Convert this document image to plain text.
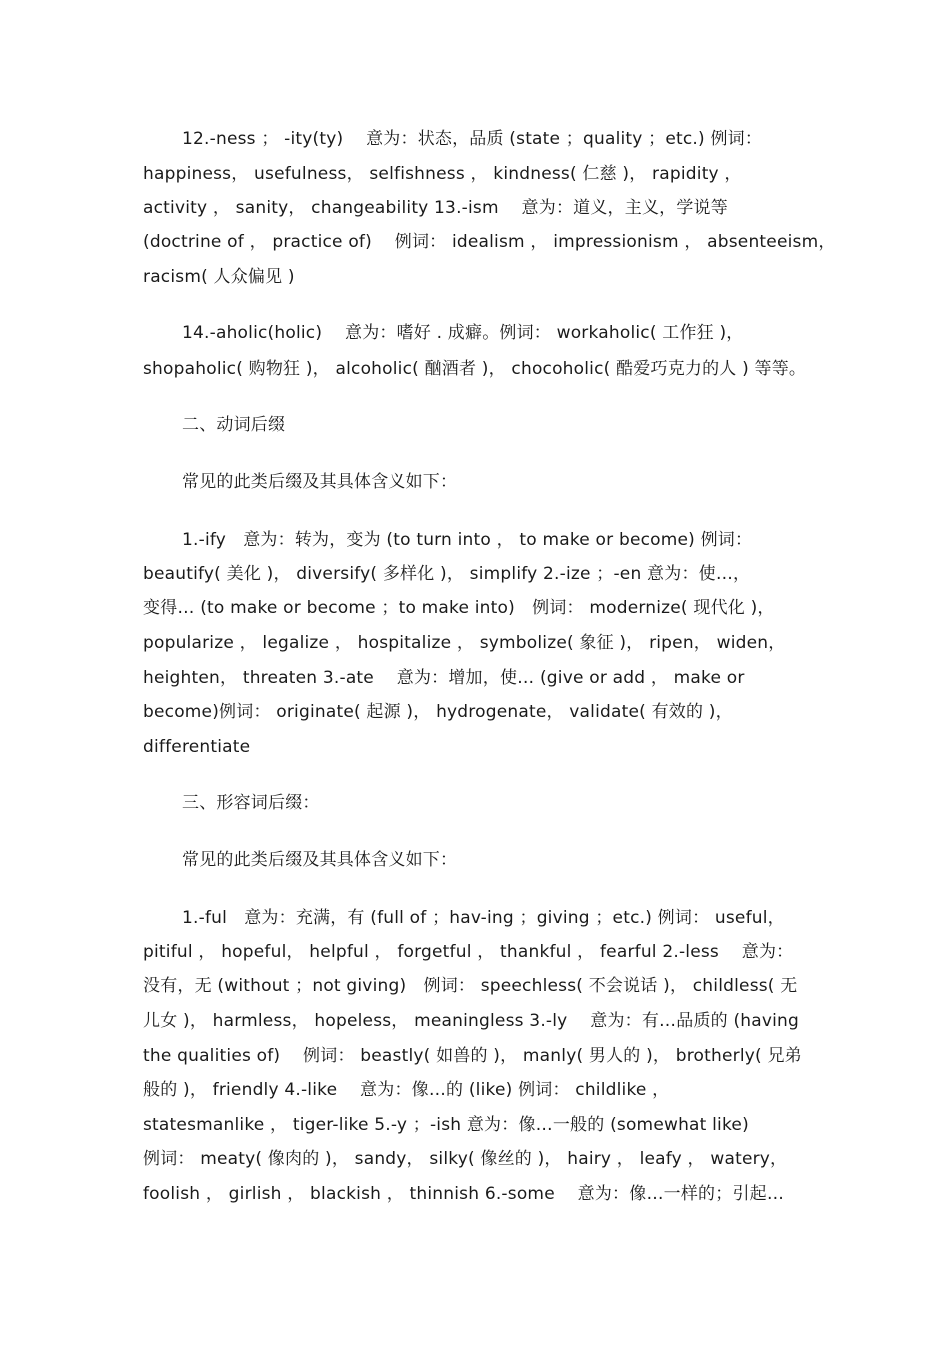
12.-ness ； -ity(ty)　 意为：状态，品质 (state ；quality ；etc.) 例词：
happiness， usefulness， selfishness ， kindness( 仁慈 )， rapidity ，
activity ， sanity， changeability 13.-ism　 意为：道义，主义，学说等
(doctrine of ， practice of)　 例词： idealism ， impressionism ， absenteeism，
racism( 人众偏见 )
14.-aholic(holic)　 意为：嗜好 . 成癖。例词： workaholic( 工作狂 )，
shopaholic( 购物狂 )， alcoholic( 酗酒者 )， chocoholic( 酷爱巧克力的人 ) 等等。
二、动词后缀
常见的此类后缀及其具体含义如下：
1.-ify　意为：转为，变为 (to turn into ， to make or become) 例词：
beautify( 美化 )， diversify( 多样化 )， simplify 2.-ize ；-en 意为：使…，
变得… (to make or become ；to make into)　例词： modernize( 现代化 )，
popularize ， legalize ， hospitalize ， symbolize( 象征 )， ripen， widen，
heighten， threaten 3.-ate　 意为：增加，使… (give or add ， make or
become)例词： originate( 起源 )， hydrogenate， validate( 有效的 )，
differentiate
三、形容词后缀：
常见的此类后缀及其具体含义如下：
1.-ful　意为：充满，有 (full of ；hav-ing ；giving ；etc.) 例词： useful，
pitiful ， hopeful， helpful ， forgetful ， thankful ， fearful 2.-less　 意为：
没有，无 (without ；not giving)　例词： speechless( 不会说话 )， childless( 无
儿女 )， harmless， hopeless， meaningless 3.-ly　 意为：有…品质的 (having
the qualities of)　 例词： beastly( 如兽的 )， manly( 男人的 )， brotherly( 兄弟
般的 )， friendly 4.-like　 意为：像…的 (like) 例词： childlike ，
statesmanlike ， tiger-like 5.-y ；-ish 意为：像…一般的 (somewhat like)
例词： meaty( 像肉的 )， sandy， silky( 像丝的 )， hairy ， leafy ， watery，
foolish ， girlish ， blackish ， thinnish 6.-some　 意为：像…一样的；引起…
